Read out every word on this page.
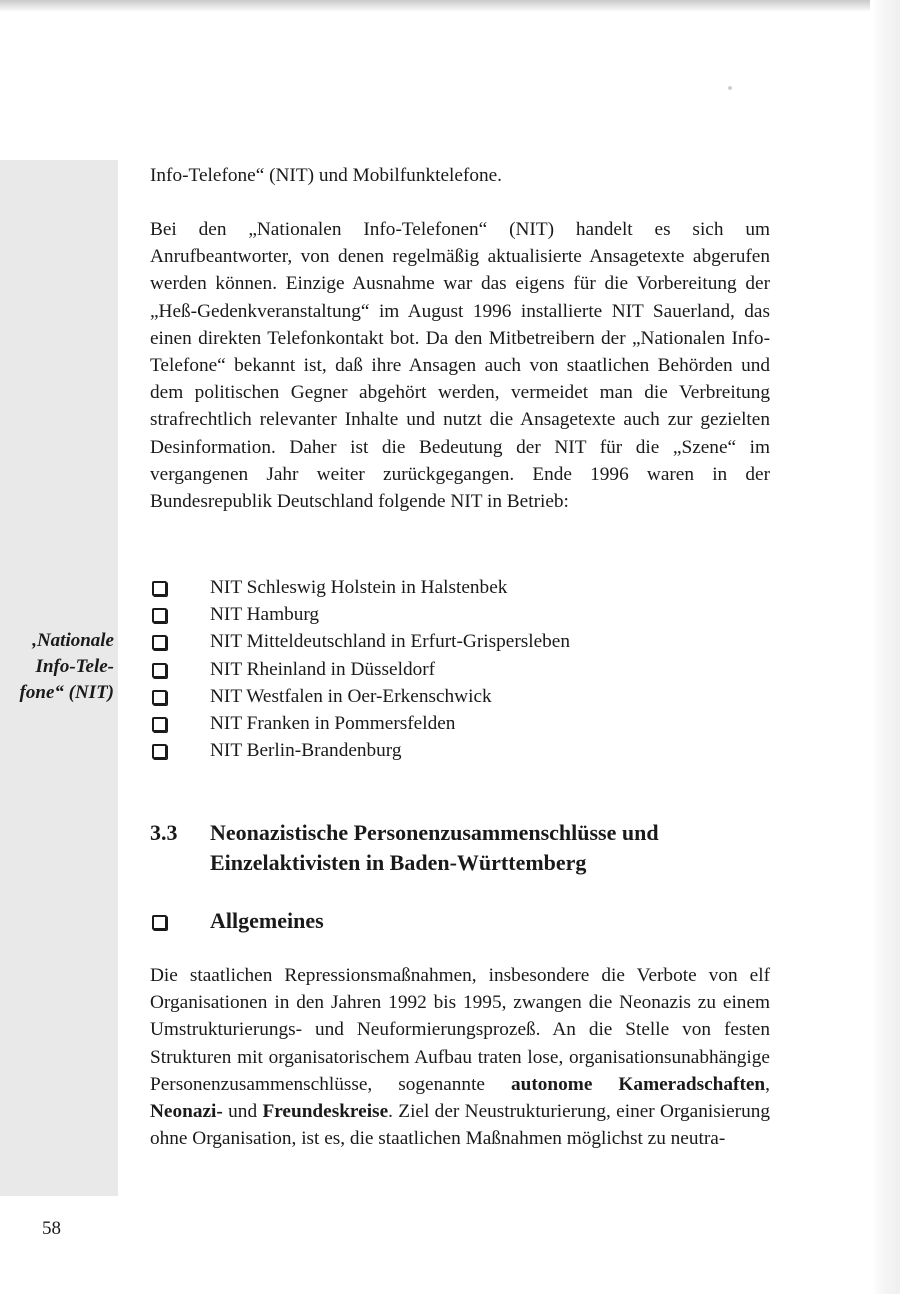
,Nationale
Info-Tele-
fone“ (NIT)

Info-Telefone“ (NIT) und Mobilfunktelefone.

Bei den „Nationalen Info-Telefonen“ (NIT) handelt es sich um Anrufbeantworter, von denen regelmäßig aktualisierte Ansagetexte abgerufen werden können. Einzige Ausnahme war das eigens für die Vorbereitung der „Heß-Gedenkveranstaltung“ im August 1996 installierte NIT Sauerland, das einen direkten Telefonkontakt bot. Da den Mitbetreibern der „Nationalen Info-Telefone“ bekannt ist, daß ihre Ansagen auch von staatlichen Behörden und dem politischen Gegner abgehört werden, vermeidet man die Verbreitung strafrechtlich relevanter Inhalte und nutzt die Ansagetexte auch zur gezielten Desinformation. Daher ist die Bedeutung der NIT für die „Szene“ im vergangenen Jahr weiter zurückgegangen. Ende 1996 waren in der Bundesrepublik Deutschland folgende NIT in Betrieb:

NIT Schleswig Holstein in Halstenbek
NIT Hamburg
NIT Mitteldeutschland in Erfurt-Grispersleben
NIT Rheinland in Düsseldorf
NIT Westfalen in Oer-Erkenschwick
NIT Franken in Pommersfelden
NIT Berlin-Brandenburg
3.3 Neonazistische Personenzusammenschlüsse und Einzelaktivisten in Baden-Württemberg
Allgemeines

Die staatlichen Repressionsmaßnahmen, insbesondere die Verbote von elf Organisationen in den Jahren 1992 bis 1995, zwangen die Neonazis zu einem Umstrukturierungs- und Neuformierungsprozeß. An die Stelle von festen Strukturen mit organisatorischem Aufbau traten lose, organisationsunabhängige Personenzusammenschlüsse, sogenannte autonome Kameradschaften, Neonazi- und Freundeskreise. Ziel der Neustrukturierung, einer Organisierung ohne Organisation, ist es, die staatlichen Maßnahmen möglichst zu neutra-

58
